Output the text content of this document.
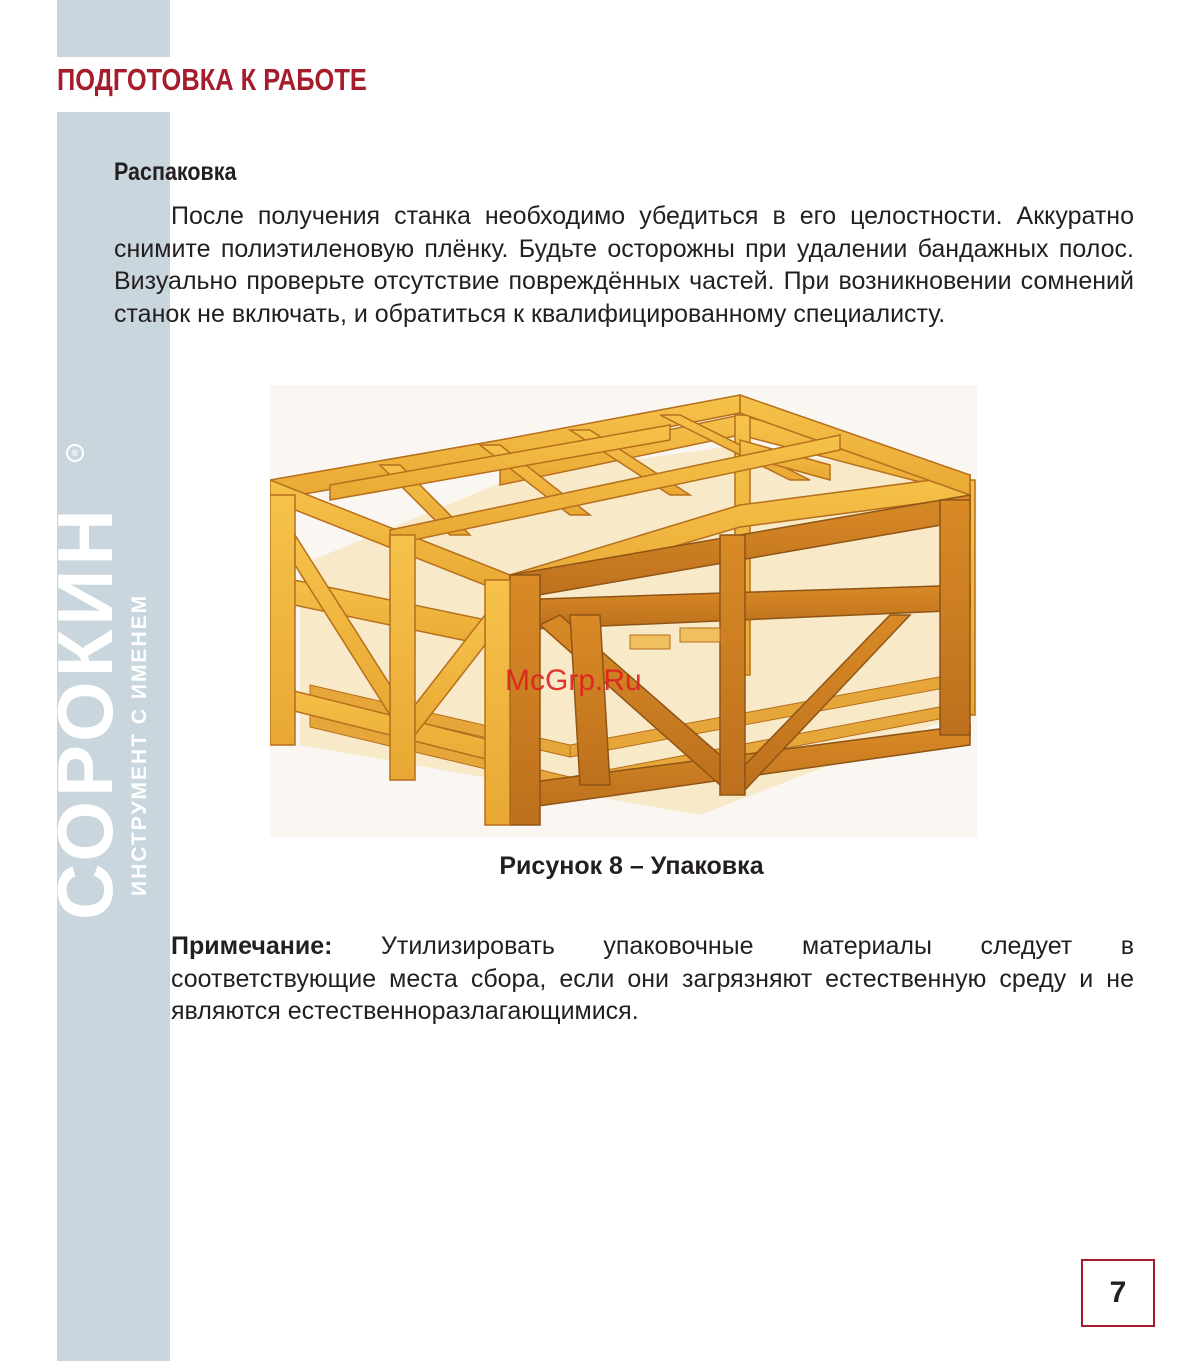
СОРОКИН ИНСТРУМЕНТ С ИМЕНЕМ
®
ПОДГОТОВКА К РАБОТЕ
Распаковка
После получения станка необходимо убедиться в его целостности. Аккуратно снимите полиэтиленовую плёнку. Будьте осторожны при удалении бандажных полос. Визуально проверьте отсутствие повреждённых частей. При возникновении сомнений станок не включать, и обратиться к квалифицированному специалисту.
McGrp.Ru
Рисунок 8 – Упаковка
Примечание: Утилизировать упаковочные материалы следует в соответствующие места сбора, если они загрязняют естественную среду и не являются естественноразлагающимися.
7
